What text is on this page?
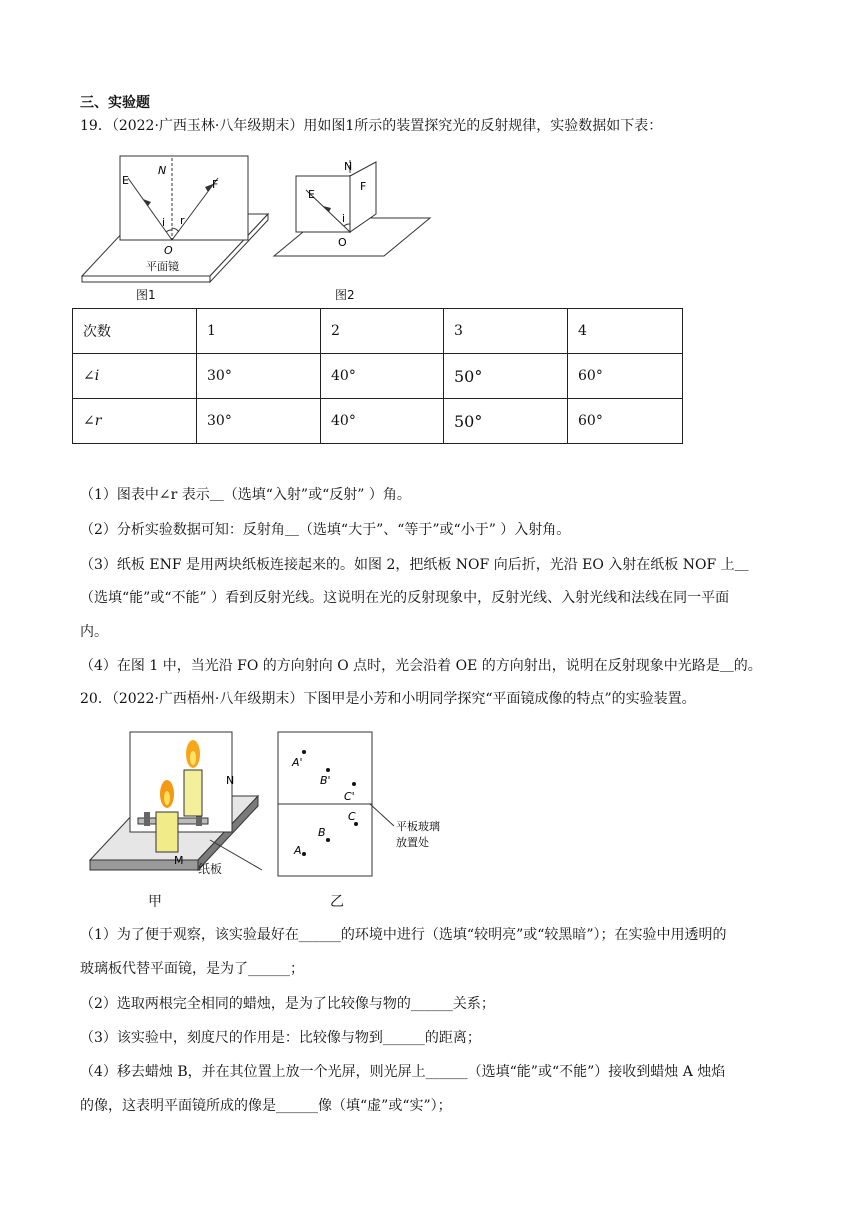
三、实验题
19．（2022·广西玉林·八年级期末）用如图1所示的装置探究光的反射规律，实验数据如下表：
E	F
N
O
i r
平面镜
图1
N
E
F
i
O
图2
次数	1	2	3	4
∠i	30°	40°	50°	60°
∠r	30°	40°	50°	60°
（1）图表中∠r 表示＿（选填“入射”或“反射” ）角。
（2）分析实验数据可知：反射角＿（选填“大于”、“等于”或“小于” ）入射角。
（3）纸板 ENF 是用两块纸板连接起来的。如图 2，把纸板 NOF 向后折，光沿 EO 入射在纸板 NOF 上＿
（选填“能”或“不能” ）看到反射光线。这说明在光的反射现象中，反射光线、入射光线和法线在同一平面
内。
（4）在图 1 中，当光沿 FO 的方向射向 O 点时，光会沿着 OE 的方向射出，说明在反射现象中光路是＿的。
20．（2022·广西梧州·八年级期末）下图甲是小芳和小明同学探究“平面镜成像的特点”的实验装置。
N
M
纸板
甲
A'
B'
C'
C
B
A
平板玻璃
放置处
乙
（1）为了便于观察，该实验最好在______的环境中进行（选填“较明亮”或“较黑暗”）；在实验中用透明的
玻璃板代替平面镜，是为了______；
（2）选取两根完全相同的蜡烛，是为了比较像与物的______关系；
（3）该实验中，刻度尺的作用是：比较像与物到______的距离；
（4）移去蜡烛 B，并在其位置上放一个光屏，则光屏上______（选填“能”或“不能”）接收到蜡烛 A 烛焰
的像，这表明平面镜所成的像是______像（填“虚”或“实”）；
